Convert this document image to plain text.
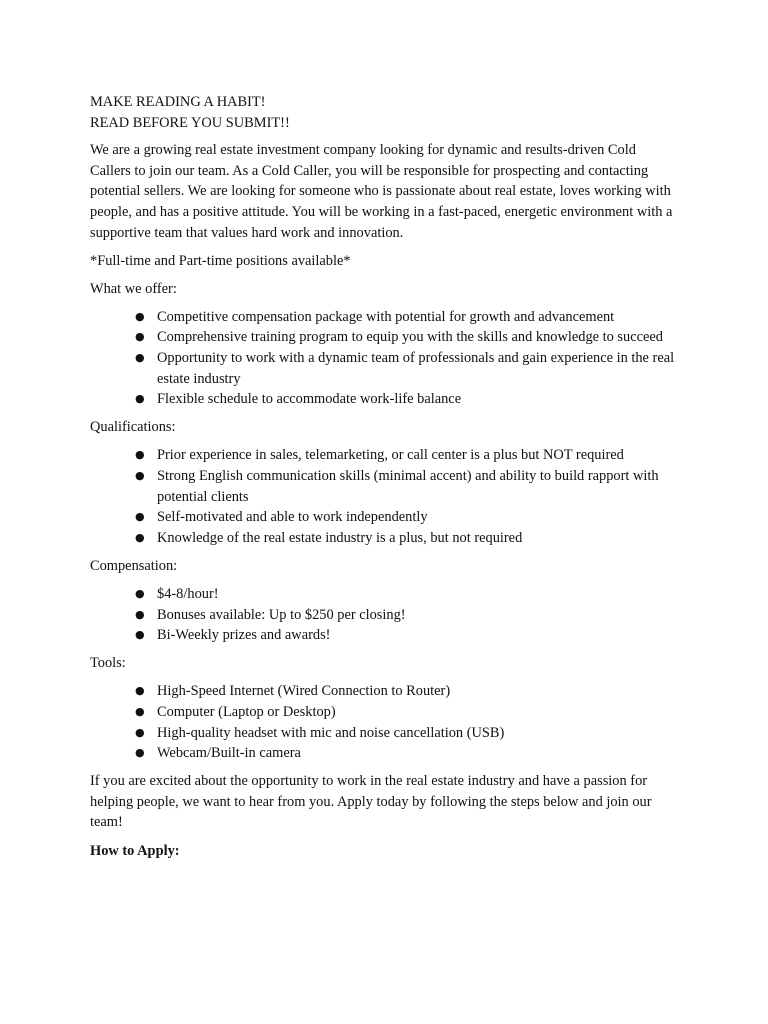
MAKE READING A HABIT!
READ BEFORE YOU SUBMIT!!

We are a growing real estate investment company looking for dynamic and results-driven Cold Callers to join our team. As a Cold Caller, you will be responsible for prospecting and contacting potential sellers. We are looking for someone who is passionate about real estate, loves working with people, and has a positive attitude. You will be working in a fast-paced, energetic environment with a supportive team that values hard work and innovation.

*Full-time and Part-time positions available*

What we offer:

● Competitive compensation package with potential for growth and advancement
● Comprehensive training program to equip you with the skills and knowledge to succeed
● Opportunity to work with a dynamic team of professionals and gain experience in the real estate industry
● Flexible schedule to accommodate work-life balance

Qualifications:

● Prior experience in sales, telemarketing, or call center is a plus but NOT required
● Strong English communication skills (minimal accent) and ability to build rapport with potential clients
● Self-motivated and able to work independently
● Knowledge of the real estate industry is a plus, but not required

Compensation:

● $4-8/hour!
● Bonuses available: Up to $250 per closing!
● Bi-Weekly prizes and awards!

Tools:

● High-Speed Internet (Wired Connection to Router)
● Computer (Laptop or Desktop)
● High-quality headset with mic and noise cancellation (USB)
● Webcam/Built-in camera

If you are excited about the opportunity to work in the real estate industry and have a passion for helping people, we want to hear from you. Apply today by following the steps below and join our team!

How to Apply:
